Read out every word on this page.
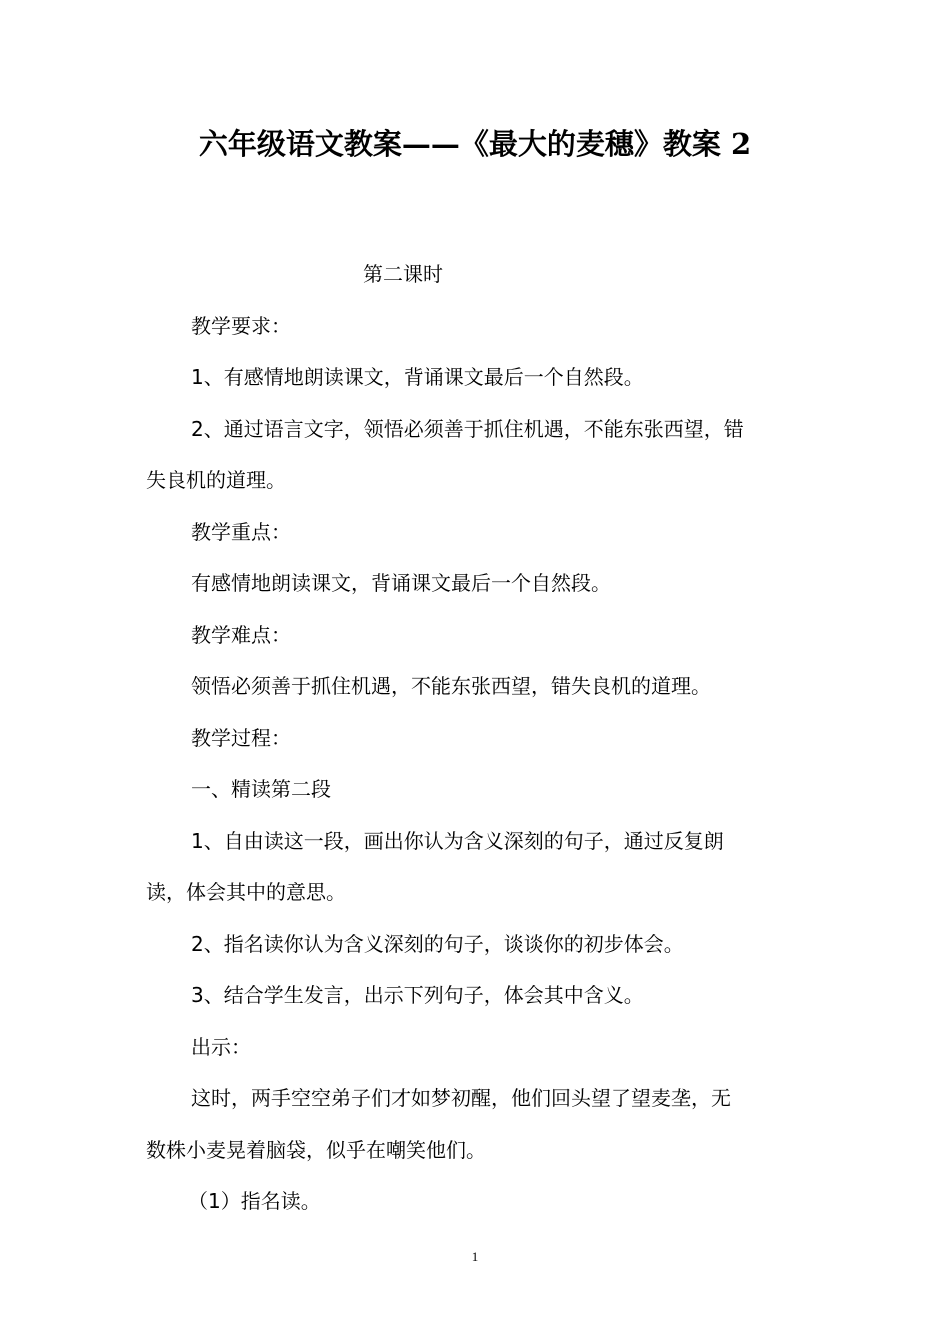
六年级语文教案——《最大的麦穗》教案 2

第二课时

教学要求：

1、有感情地朗读课文，背诵课文最后一个自然段。

2、通过语言文字，领悟必须善于抓住机遇，不能东张西望，错

失良机的道理。

教学重点：

有感情地朗读课文，背诵课文最后一个自然段。

教学难点：

领悟必须善于抓住机遇，不能东张西望，错失良机的道理。

教学过程：

一、精读第二段

1、自由读这一段，画出你认为含义深刻的句子，通过反复朗

读，体会其中的意思。

2、指名读你认为含义深刻的句子，谈谈你的初步体会。

3、结合学生发言，出示下列句子，体会其中含义。

出示：

这时，两手空空弟子们才如梦初醒，他们回头望了望麦垄，无

数株小麦晃着脑袋，似乎在嘲笑他们。

（1）指名读。

1
